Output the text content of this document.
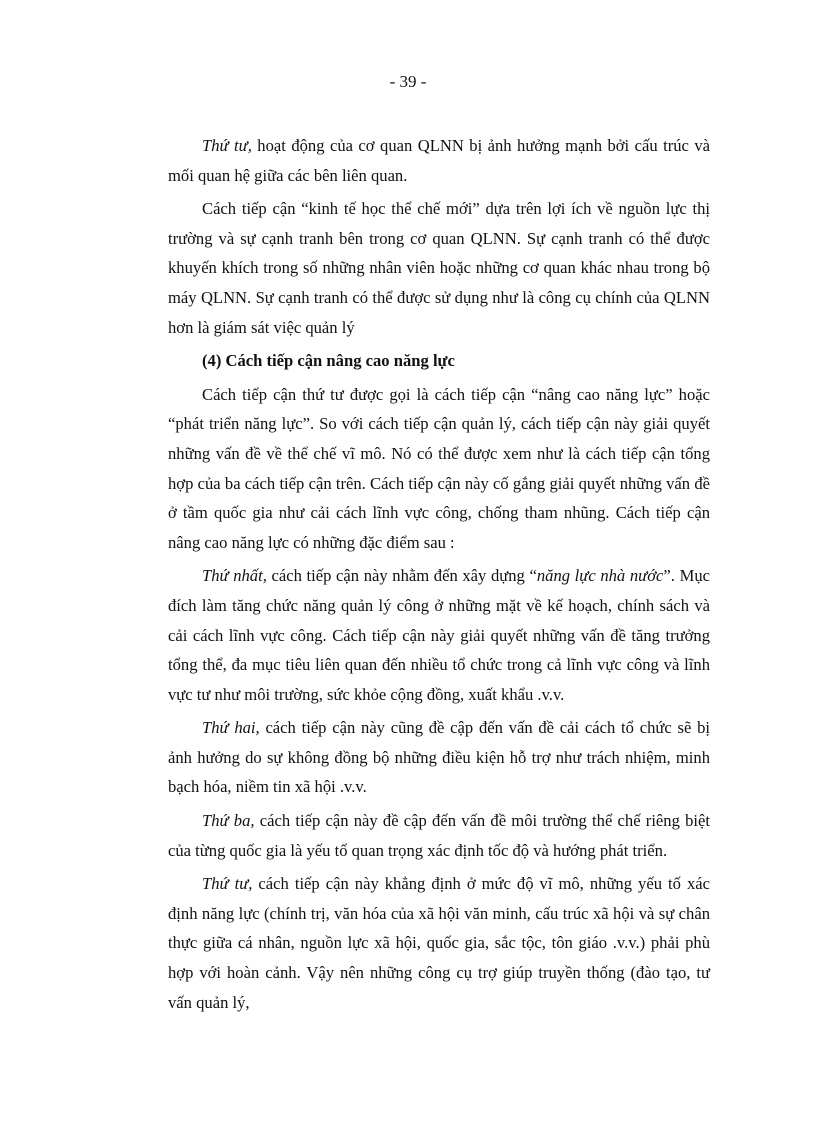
- 39 -

Thứ tư, hoạt động của cơ quan QLNN bị ảnh hưởng mạnh bởi cấu trúc và mối quan hệ giữa các bên liên quan.

Cách tiếp cận “kinh tế học thể chế mới” dựa trên lợi ích về nguồn lực thị trường và sự cạnh tranh bên trong cơ quan QLNN. Sự cạnh tranh có thể được khuyến khích trong số những nhân viên hoặc những cơ quan khác nhau trong bộ máy QLNN. Sự cạnh tranh có thể được sử dụng như là công cụ chính của QLNN hơn là giám sát việc quản lý

(4) Cách tiếp cận nâng cao năng lực

Cách tiếp cận thứ tư được gọi là cách tiếp cận “nâng cao năng lực” hoặc “phát triển năng lực”. So với cách tiếp cận quản lý, cách tiếp cận này giải quyết những vấn đề về thể chế vĩ mô. Nó có thể được xem như là cách tiếp cận tổng hợp của ba cách tiếp cận trên. Cách tiếp cận này cố gắng giải quyết những vấn đề ở tầm quốc gia như cải cách lĩnh vực công, chống tham nhũng. Cách tiếp cận nâng cao năng lực có những đặc điểm sau :

Thứ nhất, cách tiếp cận này nhằm đến xây dựng “năng lực nhà nước”. Mục đích làm tăng chức năng quản lý công ở những mặt về kế hoạch, chính sách và cải cách lĩnh vực công. Cách tiếp cận này giải quyết những vấn đề tăng trưởng tổng thể, đa mục tiêu liên quan đến nhiều tổ chức trong cả lĩnh vực công và lĩnh vực tư như môi trường, sức khỏe cộng đồng, xuất khẩu .v.v.

Thứ hai, cách tiếp cận này cũng đề cập đến vấn đề cải cách tổ chức sẽ bị ảnh hưởng do sự không đồng bộ những điều kiện hỗ trợ như trách nhiệm, minh bạch hóa, niềm tin xã hội .v.v.

Thứ ba, cách tiếp cận này đề cập đến vấn đề môi trường thể chế riêng biệt của từng quốc gia là yếu tố quan trọng xác định tốc độ và hướng phát triển.

Thứ tư, cách tiếp cận này khẳng định ở mức độ vĩ mô, những yếu tố xác định năng lực (chính trị, văn hóa của xã hội văn minh, cấu trúc xã hội và sự chân thực giữa cá nhân, nguồn lực xã hội, quốc gia, sắc tộc, tôn giáo .v.v.) phải phù hợp với hoàn cảnh. Vậy nên những công cụ trợ giúp truyền thống (đào tạo, tư vấn quản lý,
